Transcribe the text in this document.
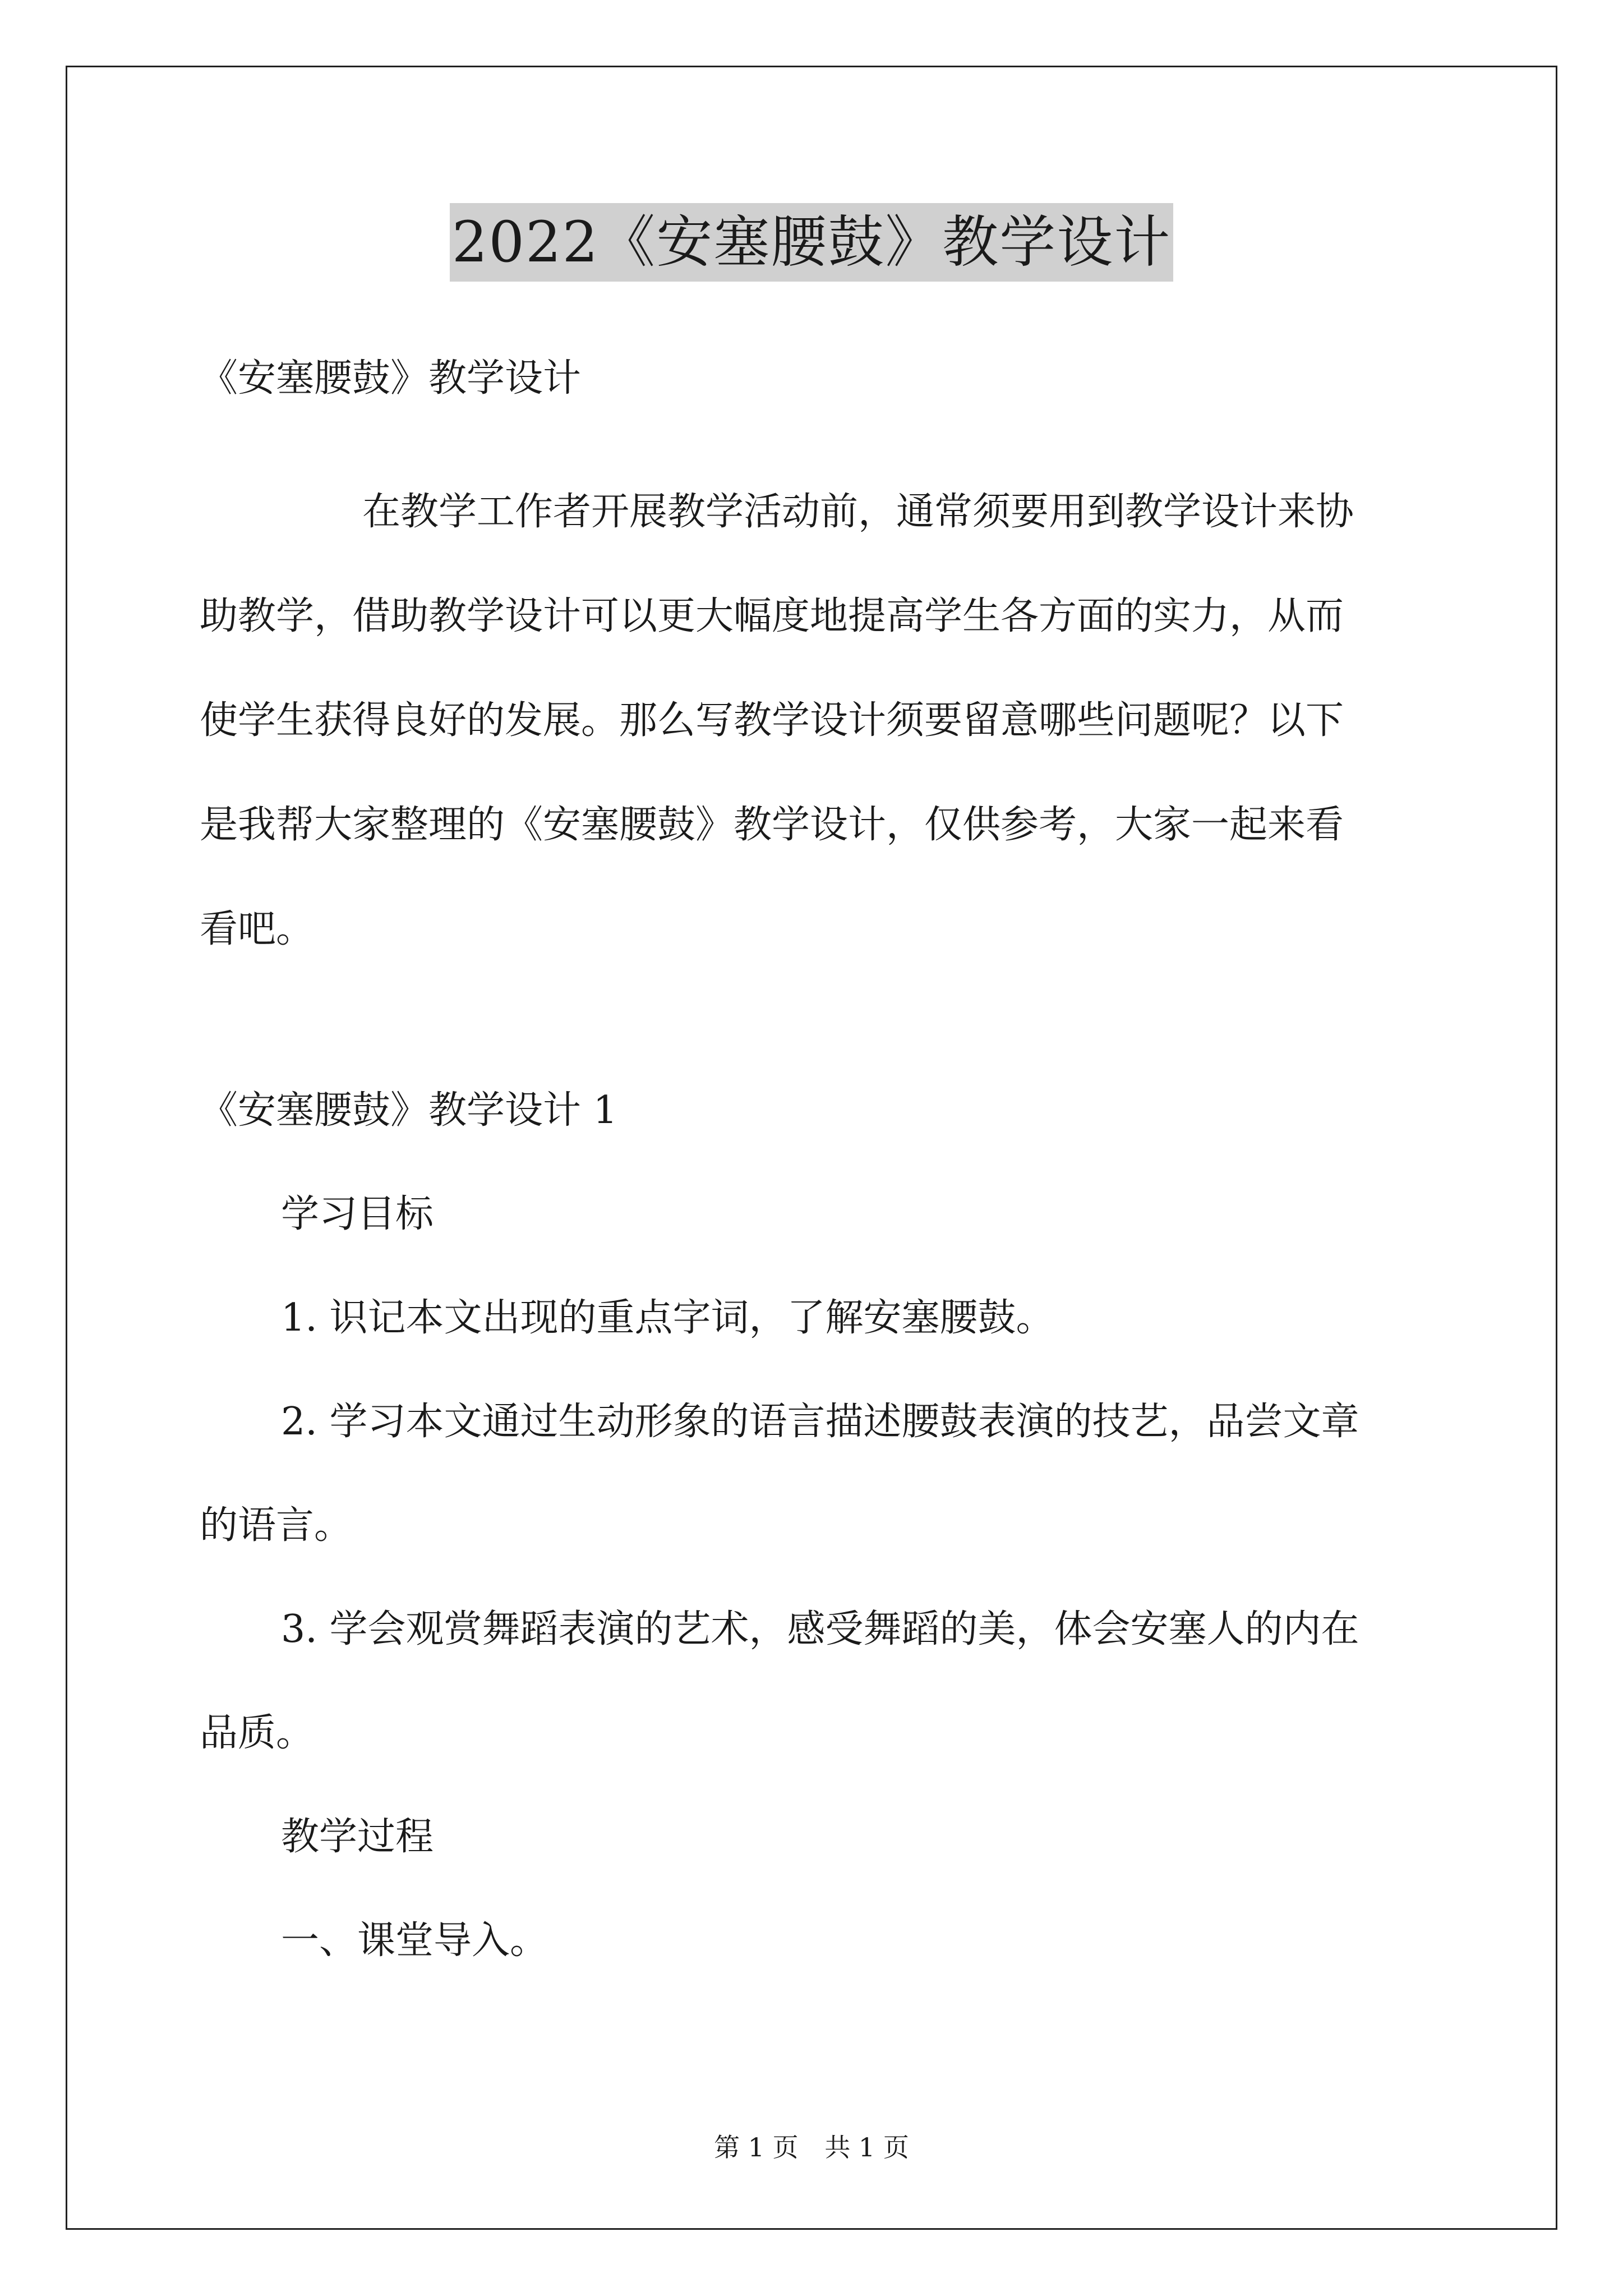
2022《安塞腰鼓》教学设计

《安塞腰鼓》教学设计

在教学工作者开展教学活动前，通常须要用到教学设计来协
助教学，借助教学设计可以更大幅度地提高学生各方面的实力，从而
使学生获得良好的发展。那么写教学设计须要留意哪些问题呢？以下
是我帮大家整理的《安塞腰鼓》教学设计，仅供参考，大家一起来看
看吧。

《安塞腰鼓》教学设计 1

学习目标

1. 识记本文出现的重点字词，了解安塞腰鼓。

2. 学习本文通过生动形象的语言描述腰鼓表演的技艺，品尝文章

的语言。

3. 学会观赏舞蹈表演的艺术，感受舞蹈的美，体会安塞人的内在

品质。

教学过程

一、课堂导入。

第 1 页 共 1 页
